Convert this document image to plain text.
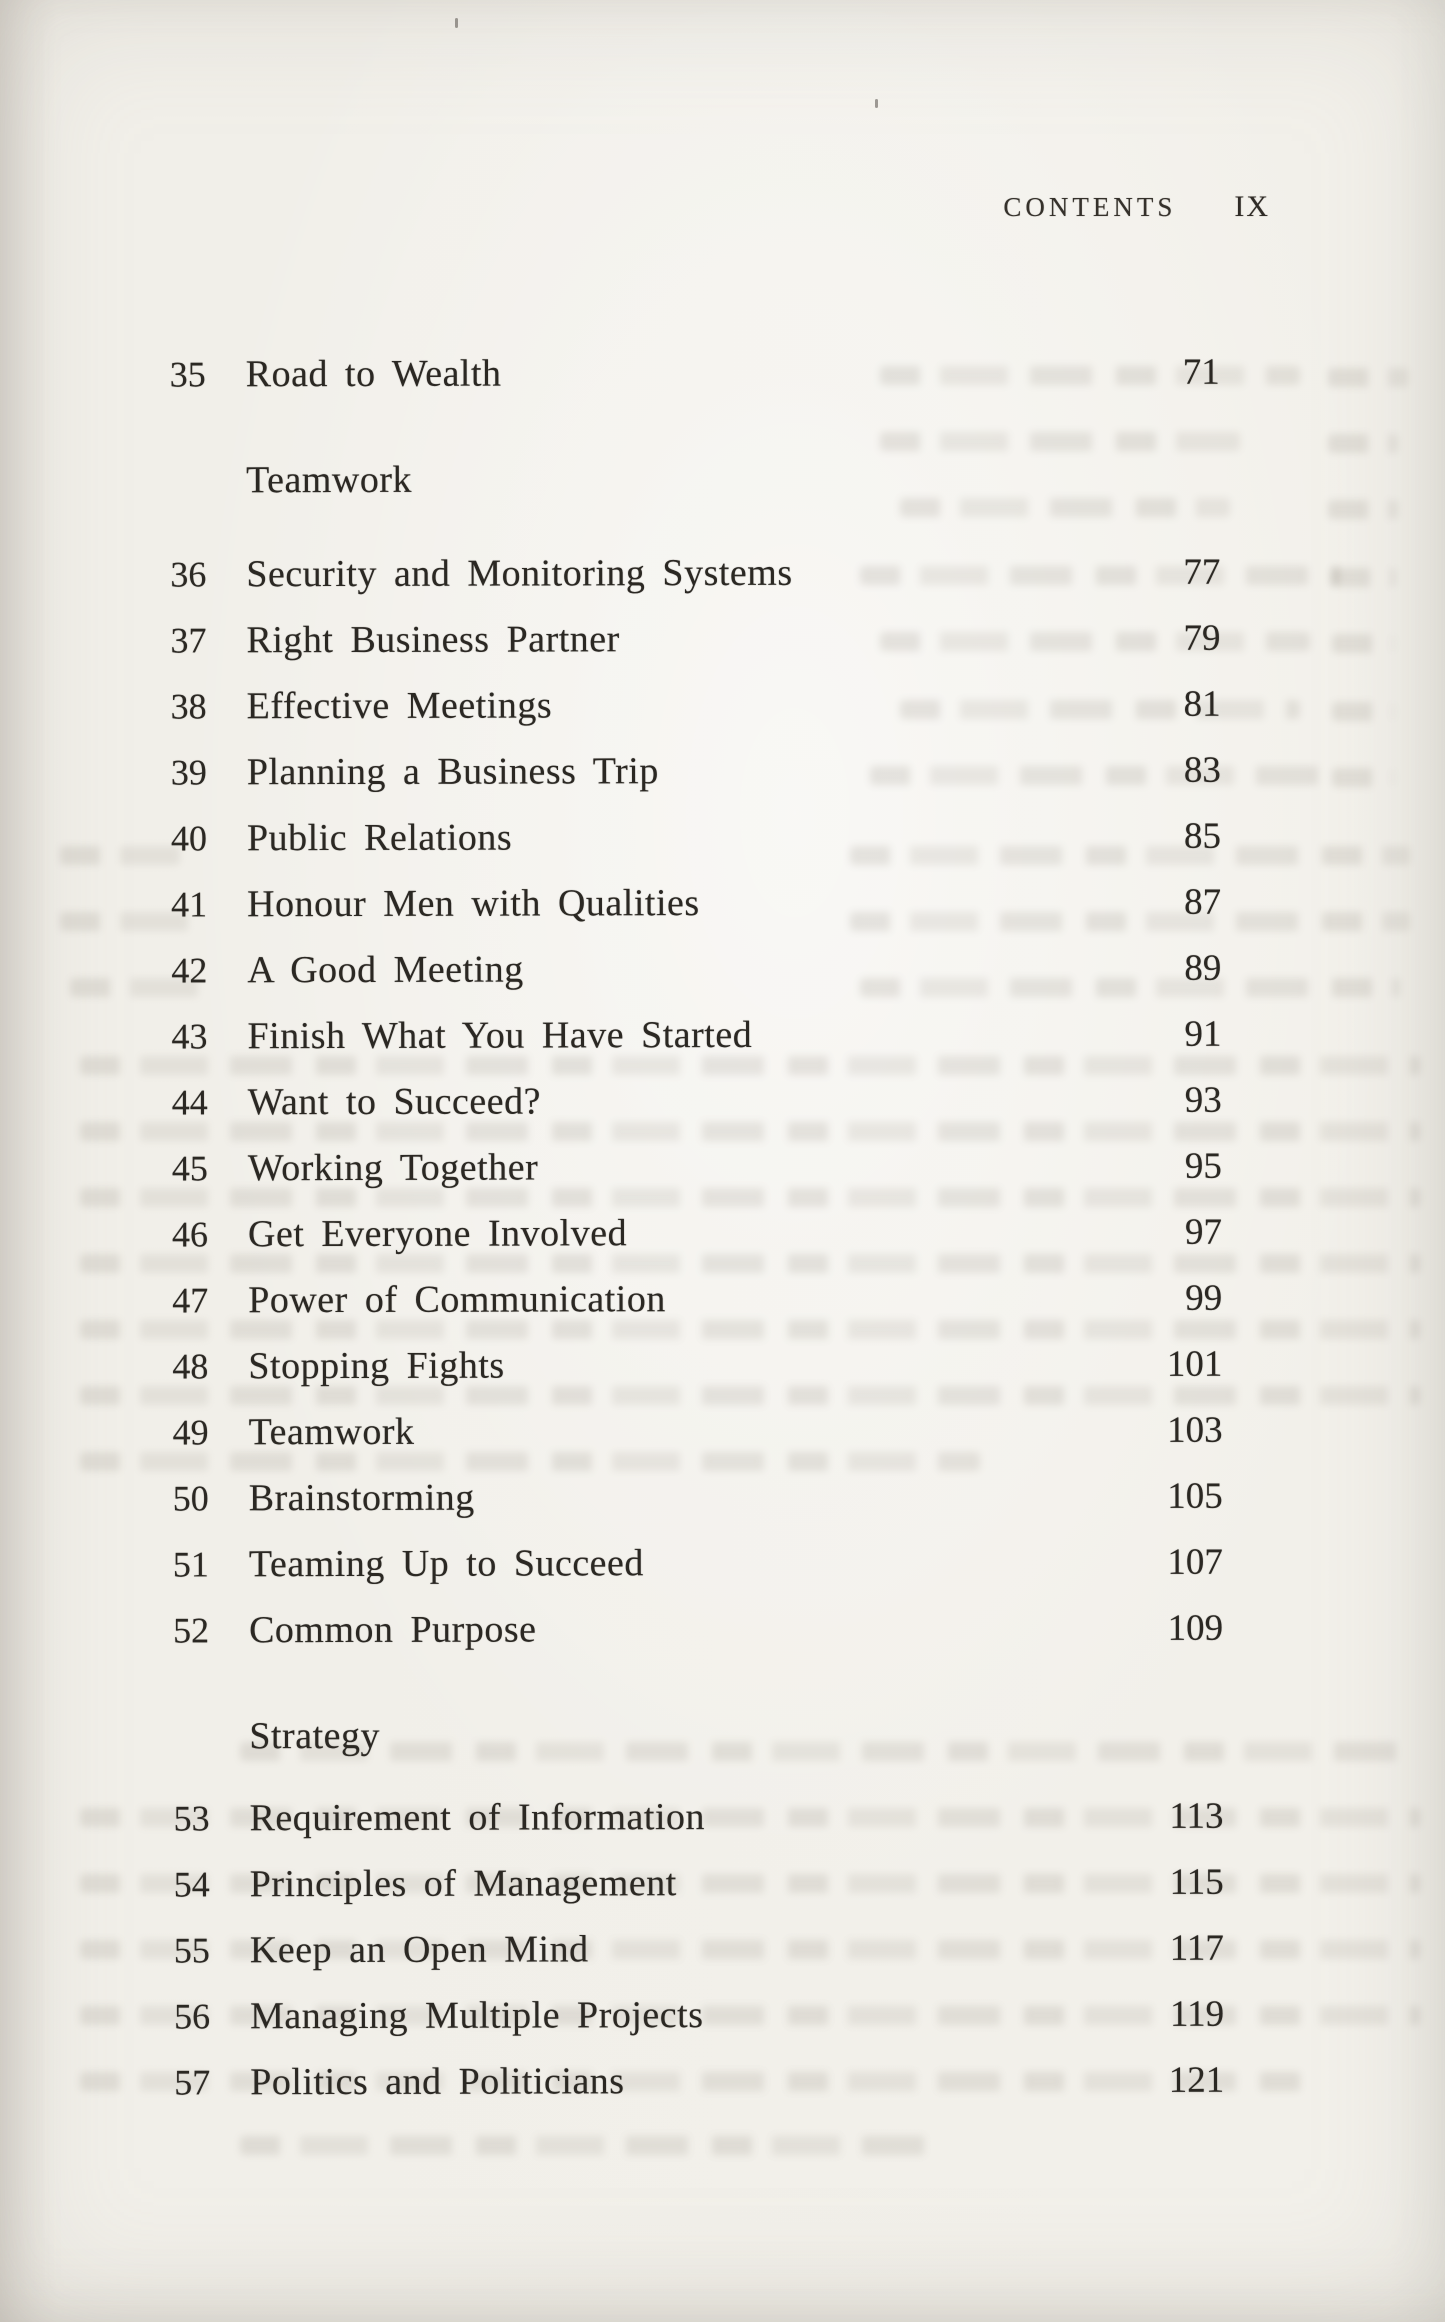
CONTENTS IX
35 Road to Wealth	71
Teamwork
36 Security and Monitoring Systems	77
37 Right Business Partner	79
38 Effective Meetings	81
39 Planning a Business Trip	83
40 Public Relations	85
41 Honour Men with Qualities	87
42 A Good Meeting	89
43 Finish What You Have Started	91
44 Want to Succeed?	93
45 Working Together	95
46 Get Everyone Involved	97
47 Power of Communication	99
48 Stopping Fights	101
49 Teamwork	103
50 Brainstorming	105
51 Teaming Up to Succeed	107
52 Common Purpose	109
Strategy
53 Requirement of Information	113
54 Principles of Management	115
55 Keep an Open Mind	117
56 Managing Multiple Projects	119
57 Politics and Politicians	121
